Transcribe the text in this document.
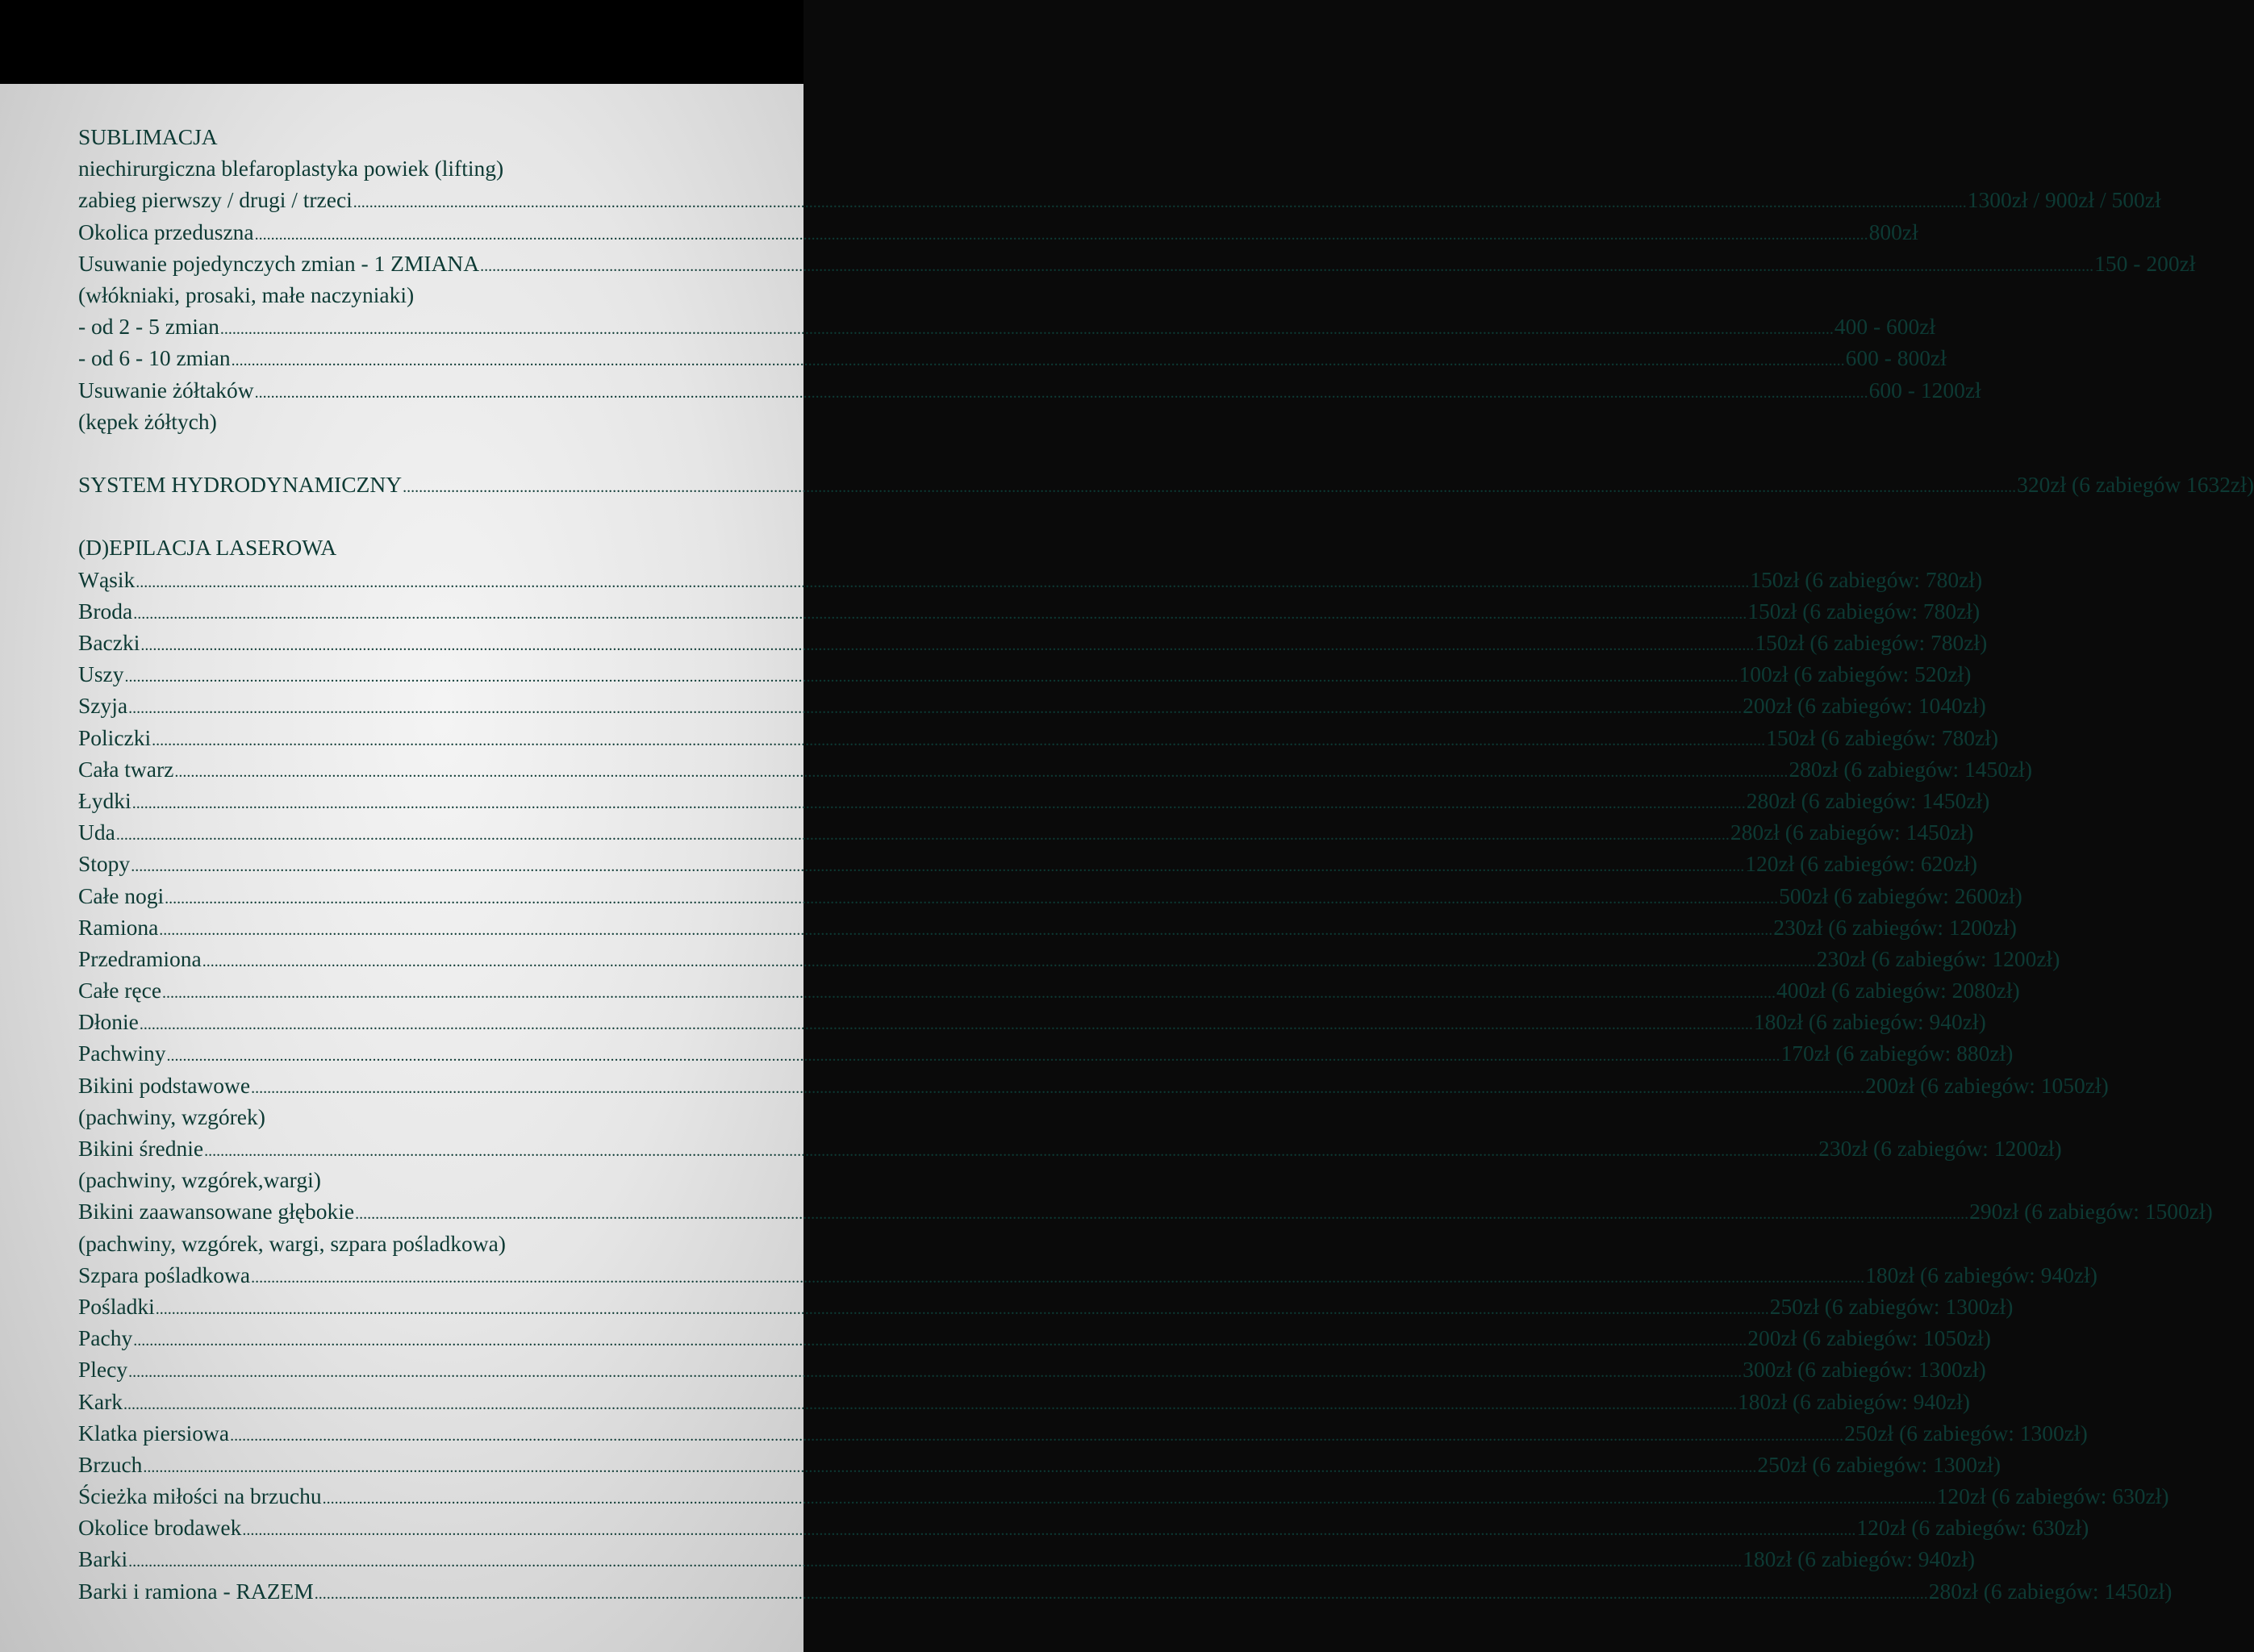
SUBLIMACJA
niechirurgiczna blefaroplastyka powiek (lifting)
zabieg pierwszy / drugi / trzeci ................................................................................................................................................................................................................................................................................................................................................................................................................ 1300zł / 900zł / 500zł
Okolica przeduszna ................................................................................................................................................................................................................................................................................................................................................................................................................ 800zł
Usuwanie pojedynczych zmian - 1 ZMIANA ................................................................................................................................................................................................................................................................................................................................................................................................................ 150 - 200zł
(włókniaki, prosaki, małe naczyniaki)
- od 2 - 5 zmian ................................................................................................................................................................................................................................................................................................................................................................................................................ 400 - 600zł
- od 6 - 10 zmian ................................................................................................................................................................................................................................................................................................................................................................................................................ 600 - 800zł
Usuwanie żółtaków ................................................................................................................................................................................................................................................................................................................................................................................................................ 600 - 1200zł
(kępek żółtych)
SYSTEM HYDRODYNAMICZNY ................................................................................................................................................................................................................................................................................................................................................................................................................ 320zł (6 zabiegów 1632zł)
(D)EPILACJA LASEROWA
Wąsik ................................................................................................................................................................................................................................................................................................................................................................................................................ 150zł (6 zabiegów: 780zł)
Broda ................................................................................................................................................................................................................................................................................................................................................................................................................ 150zł (6 zabiegów: 780zł)
Baczki ................................................................................................................................................................................................................................................................................................................................................................................................................ 150zł (6 zabiegów: 780zł)
Uszy ................................................................................................................................................................................................................................................................................................................................................................................................................ 100zł (6 zabiegów: 520zł)
Szyja ................................................................................................................................................................................................................................................................................................................................................................................................................ 200zł (6 zabiegów: 1040zł)
Policzki ................................................................................................................................................................................................................................................................................................................................................................................................................ 150zł (6 zabiegów: 780zł)
Cała twarz ................................................................................................................................................................................................................................................................................................................................................................................................................ 280zł (6 zabiegów: 1450zł)
Łydki ................................................................................................................................................................................................................................................................................................................................................................................................................ 280zł (6 zabiegów: 1450zł)
Uda ................................................................................................................................................................................................................................................................................................................................................................................................................ 280zł (6 zabiegów: 1450zł)
Stopy ................................................................................................................................................................................................................................................................................................................................................................................................................ 120zł (6 zabiegów: 620zł)
Całe nogi ................................................................................................................................................................................................................................................................................................................................................................................................................ 500zł (6 zabiegów: 2600zł)
Ramiona ................................................................................................................................................................................................................................................................................................................................................................................................................ 230zł (6 zabiegów: 1200zł)
Przedramiona ................................................................................................................................................................................................................................................................................................................................................................................................................ 230zł (6 zabiegów: 1200zł)
Całe ręce ................................................................................................................................................................................................................................................................................................................................................................................................................ 400zł (6 zabiegów: 2080zł)
Dłonie ................................................................................................................................................................................................................................................................................................................................................................................................................ 180zł (6 zabiegów: 940zł)
Pachwiny ................................................................................................................................................................................................................................................................................................................................................................................................................ 170zł (6 zabiegów: 880zł)
Bikini podstawowe ................................................................................................................................................................................................................................................................................................................................................................................................................ 200zł (6 zabiegów: 1050zł)
(pachwiny, wzgórek)
Bikini średnie ................................................................................................................................................................................................................................................................................................................................................................................................................ 230zł (6 zabiegów: 1200zł)
(pachwiny, wzgórek,wargi)
Bikini zaawansowane głębokie ................................................................................................................................................................................................................................................................................................................................................................................................................ 290zł (6 zabiegów: 1500zł)
(pachwiny, wzgórek, wargi, szpara pośladkowa)
Szpara pośladkowa ................................................................................................................................................................................................................................................................................................................................................................................................................ 180zł (6 zabiegów: 940zł)
Pośladki ................................................................................................................................................................................................................................................................................................................................................................................................................ 250zł (6 zabiegów: 1300zł)
Pachy ................................................................................................................................................................................................................................................................................................................................................................................................................ 200zł (6 zabiegów: 1050zł)
Plecy ................................................................................................................................................................................................................................................................................................................................................................................................................ 300zł (6 zabiegów: 1300zł)
Kark ................................................................................................................................................................................................................................................................................................................................................................................................................ 180zł (6 zabiegów: 940zł)
Klatka piersiowa ................................................................................................................................................................................................................................................................................................................................................................................................................ 250zł (6 zabiegów: 1300zł)
Brzuch ................................................................................................................................................................................................................................................................................................................................................................................................................ 250zł (6 zabiegów: 1300zł)
Ścieżka miłości na brzuchu ................................................................................................................................................................................................................................................................................................................................................................................................................ 120zł (6 zabiegów: 630zł)
Okolice brodawek ................................................................................................................................................................................................................................................................................................................................................................................................................ 120zł (6 zabiegów: 630zł)
Barki ................................................................................................................................................................................................................................................................................................................................................................................................................ 180zł (6 zabiegów: 940zł)
Barki i ramiona - RAZEM ................................................................................................................................................................................................................................................................................................................................................................................................................ 280zł (6 zabiegów: 1450zł)
